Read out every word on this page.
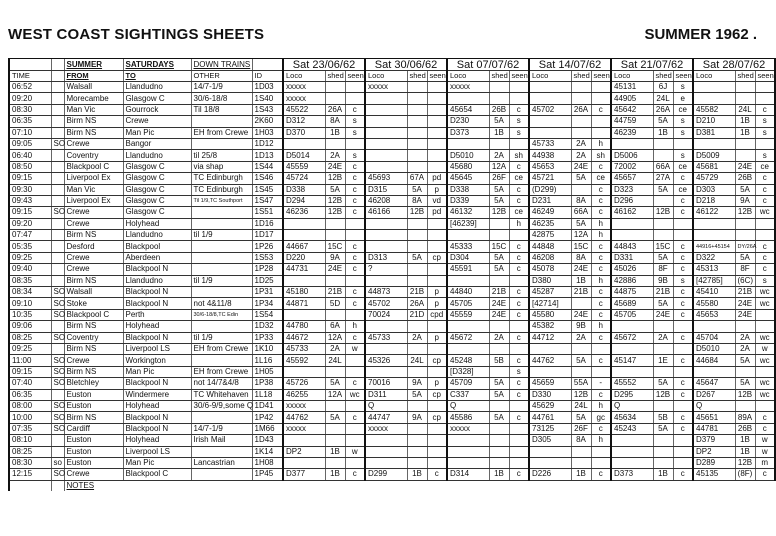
WEST COAST SIGHTINGS SHEETS	SUMMER 1962 .
		SUMMER	SATURDAYS	DOWN TRAINS		Sat 23/06/62			Sat 30/06/62			Sat 07/07/62			Sat 14/07/62			Sat 21/07/62			Sat 28/07/62		
TIME		FROM	TO	OTHER	ID	Loco	shed	seen	Loco	shed	seen	Loco	shed	seen	Loco	shed	seen	Loco	shed	seen	Loco	shed	seen
06:52		Walsall	Llandudno	14/7-1/9	1D03	xxxxx			xxxxx			xxxxx						45131	6J	s			
09:20		Morecambe	Glasgow C	30/6-18/8	1S40	xxxxx												44905	24L	e			
08:30		Man Vic	Gourrock	Til 18/8	1S43	45522	26A	c				45654	26B	c	45702	26A	c	45642	26A	ce	45582	24L	c
06:35		Birm NS	Crewe		2K60	D312	8A	s				D230	5A	s				44759	5A	s	D210	1B	s
07:10		Birm NS	Man Pic	EH from Crewe	1H03	D370	1B	s				D373	1B	s				46239	1B	s	D381	1B	s
09:05	SO	Crewe	Bangor		1D12										45733	2A	h						
06:40		Coventry	Llandudno	til 25/8	1D13	D5014	2A	s				D5010	2A	sh	44938	2A	sh	D5006		s	D5009		s
08:50		Blackpool C	Glasgow C	via shap	1S44	45559	24E	c				45680	12A	c	45653	24E	c	72002	66A	ce	45681	24E	ce
09:15		Liverpool Ex	Glasgow C	TC Edinburgh	1S46	45724	12B	c	45693	67A	pd	45645	26F	ce	45721	5A	ce	45657	27A	c	45729	26B	c
09:30		Man Vic	Glasgow C	TC Edinburgh	1S45	D338	5A	c	D315	5A	p	D338	5A	c	(D299)		c	D323	5A	ce	D303	5A	c
09:43		Liverpool Ex	Glasgow C	Til 1/9,TC Southport	1S47	D294	12B	c	46208	8A	vd	D339	5A	c	D231	8A	c	D296		c	D218	9A	c
09:15	SO	Crewe	Glasgow C		1S51	46236	12B	c	46166	12B	pd	46132	12B	ce	46249	66A	c	46162	12B	c	46122	12B	wc
09:20		Crewe	Holyhead		1D16							[46239]		h	46235	5A	h						
07:47		Birm NS	Llandudno	til 1/9	1D17										42875	12A	h						
05:35		Desford	Blackpool		1P26	44667	15C	c				45333	15C	c	44848	15C	c	44843	15C	c	44916+45154	DY/26A	c
09:25		Crewe	Aberdeen		1S53	D220	9A	c	D313	5A	cp	D304	5A	c	46208	8A	c	D331	5A	c	D322	5A	c
09:40		Crewe	Blackpool N		1P28	44731	24E	c	?			45591	5A	c	45078	24E	c	45026	8F	c	45313	8F	c
08:35		Birm NS	Llandudno	til 1/9	1D25										D380	1B	h	42886	9B	s	[42785]	(6C)	s
08:34	SO	Walsall	Blackpool N		1P31	45180	21B	c	44873	21B	p	44840	21B	c	45287	21B	c	44875	21B	c	45410	21B	wc
09:10	SO	Stoke	Blackpool N	not 4&11/8	1P34	44871	5D	c	45702	26A	p	45705	24E	c	[42714]		c	45689	5A	c	45580	24E	wc
10:35	SO	Blackpool C	Perth	30/6-18/8,TC Edin	1S54				70024	21D	cpd	45559	24E	c	45580	24E	c	45705	24E	c	45653	24E	
09:06		Birm NS	Holyhead		1D32	44780	6A	h							45382	9B	h						
08:25	SO	Coventry	Blackpool N	til 1/9	1P33	44672	12A	c	45733	2A	p	45672	2A	c	44712	2A	c	45672	2A	c	45704	2A	wc
09:25		Birm NS	Liverpool LS	EH from Crewe	1K10	45733	2A	w													D5010	2A	w
11:00	SO	Crewe	Workington		1L16	45592	24L		45326	24L	cp	45248	5B	c	44762	5A	c	45147	1E	c	44684	5A	wc
09:15	SO	Birm NS	Man Pic	EH from Crewe	1H05							[D328]		s									
07:40	SO	Bletchley	Blackpool N	not 14/7&4/8	1P38	45726	5A	c	70016	9A	p	45709	5A	c	45659	55A	-	45552	5A	c	45647	5A	wc
06:35		Euston	Windermere	TC Whitehaven	1L18	46255	12A	wc	D311	5A	cp	C337	5A	c	D330	12B	c	D295	12B	c	D267	12B	wc
08:00	SO	Euston	Holyhead	30/6-9/9,some Q	1D41	xxxxx			Q			Q			45629	24L	h	Q			Q		
10:00	SO	Birm NS	Blackpool N		1P42	44762	5A	c	44747	9A	cp	45586	5A	c	44761	5A	gc	45634	5B	c	45651	89A	c
07:35	SO	Cardiff	Blackpool N	14/7-1/9	1M66	xxxxx			xxxxx			xxxxx			73125	26F	c	45243	5A	c	44781	26B	c
08:10		Euston	Holyhead	Irish Mail	1D43										D305	8A	h				D379	1B	w
08:25		Euston	Liverpool LS		1K14	DP2	1B	w													DP2	1B	w
08:30	so	Euston	Man Pic	Lancastrian	1H08																D289	12B	m
12:15	SO	Crewe	Blackpool C		1P45	D377	1B	c	D299	1B	c	D314	1B	c	D226	1B	c	D373	1B	c	45135	(8F)	c
		NOTES																					
